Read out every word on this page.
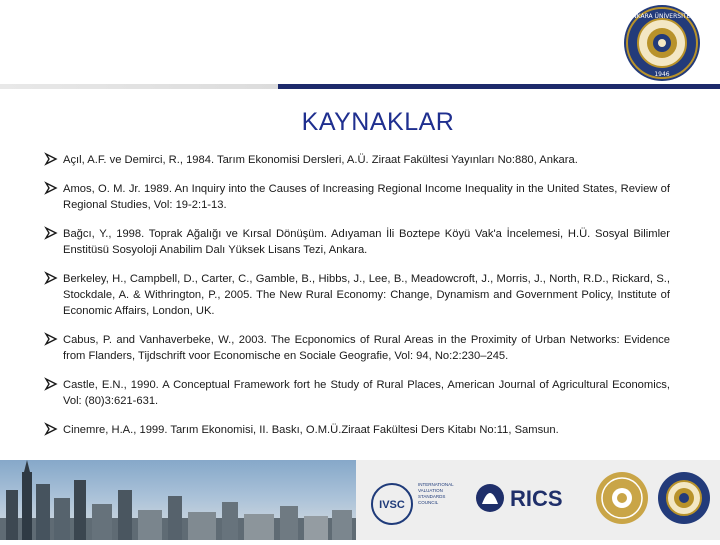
ANKARA ÜNİVERSİTESİ
1946
KAYNAKLAR
Açıl, A.F. ve Demirci, R., 1984. Tarım Ekonomisi Dersleri, A.Ü. Ziraat Fakültesi Yayınları No:880, Ankara.
Amos, O. M. Jr. 1989. An Inquiry into the Causes of Increasing Regional Income Inequality in the United States, Review of Regional Studies, Vol: 19-2:1-13.
Bağcı, Y., 1998. Toprak Ağalığı ve Kırsal Dönüşüm. Adıyaman İli Boztepe Köyü Vak'a İncelemesi, H.Ü. Sosyal Bilimler Enstitüsü Sosyoloji Anabilim Dalı Yüksek Lisans Tezi, Ankara.
Berkeley, H., Campbell, D., Carter, C., Gamble, B., Hibbs, J., Lee, B., Meadowcroft, J., Morris, J., North, R.D., Rickard, S., Stockdale, A. & Withrington, P., 2005. The New Rural Economy: Change, Dynamism and Government Policy, Institute of Economic Affairs, London, UK.
Cabus, P. and Vanhaverbeke, W., 2003. The Ecponomics of Rural Areas in the Proximity of Urban Networks: Evidence from Flanders, Tijdschrift voor Economische en Sociale Geografie, Vol: 94, No:2:230–245.
Castle, E.N., 1990. A Conceptual Framework fort he Study of Rural Places, American Journal of Agricultural Economics, Vol: (80)3:621-631.
Cinemre, H.A., 1999. Tarım Ekonomisi, II. Baskı, O.M.Ü.Ziraat Fakültesi Ders Kitabı No:11, Samsun.
IVSC
INTERNATIONAL
VALUATION
STANDARDS
COUNCIL	RICS
